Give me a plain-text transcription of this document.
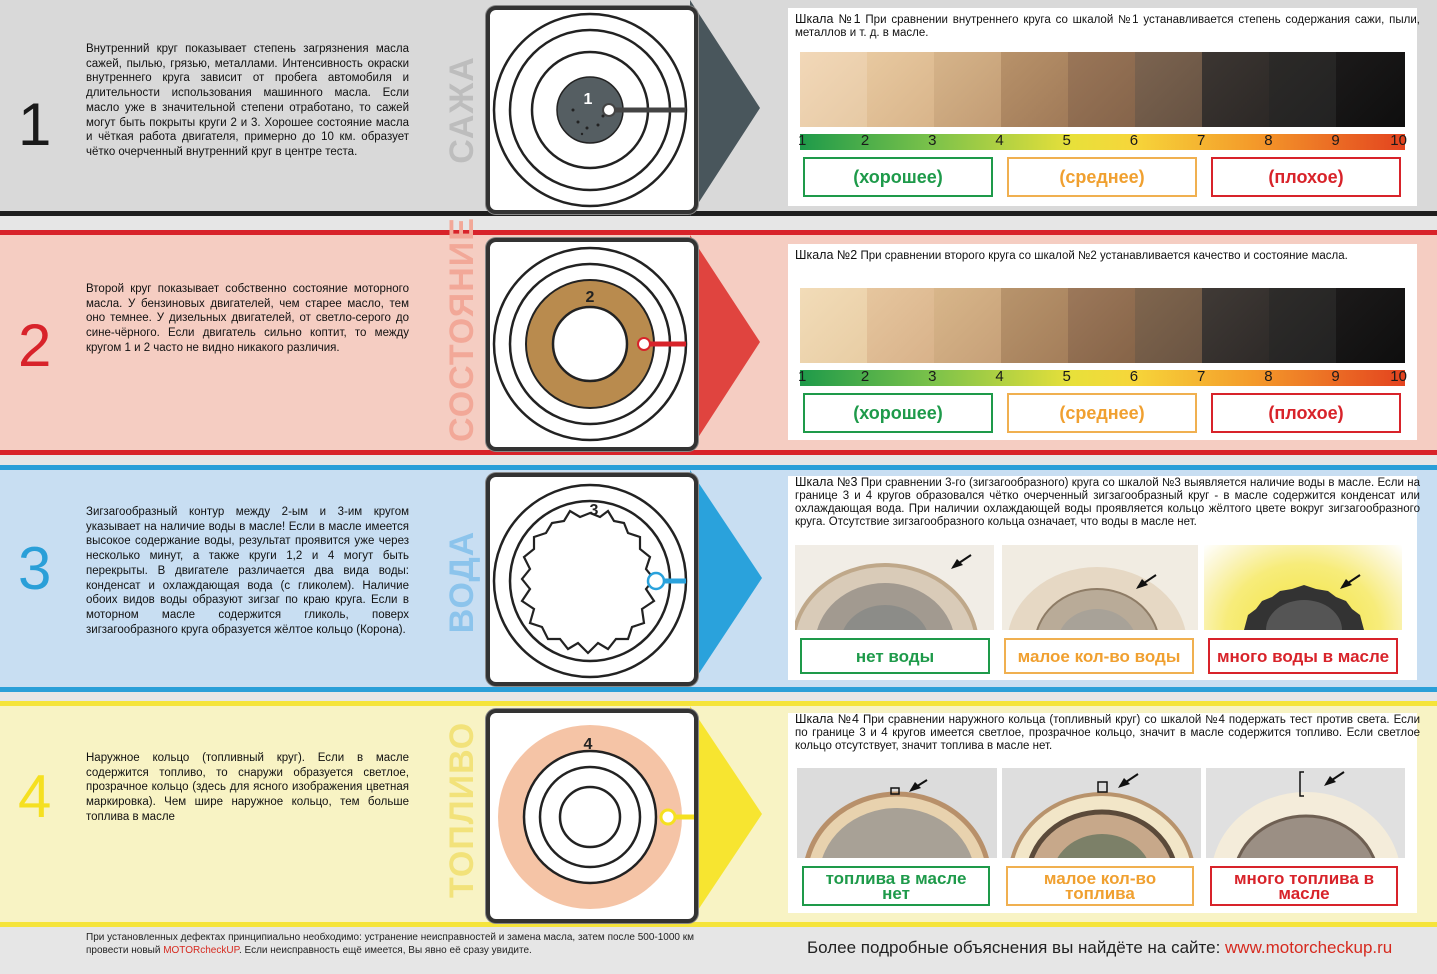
1
Внутренний круг показывает степень загрязнения масла сажей, пылью, грязью, металлами. Интенсивность окраски внутреннего круга зависит от пробега автомобиля и длительности использования машинного масла. Если масло уже в значительной степени отработано, то сажей могут быть покрыты круги 2 и 3. Хорошее состояние масла и чёткая работа двигателя, примерно до 10 км. образует чётко очерченный внутренний круг в центре теста.	САЖА	1
Шкала №1 При сравнении внутреннего круга со шкалой №1 устанавливается степень содержания сажи, пыли, металлов и т. д. в масле.
1	2	3	4	5	6	7	8	9	10
(хорошее)	(среднее)	(плохое)
2
Второй круг показывает собственно состояние моторного масла. У бензиновых двигателей, чем старее масло, тем оно темнее. У дизельных двигателей, от светло-серого до сине-чёрного. Если двигатель сильно коптит, то между кругом 1 и 2 часто не видно никакого различия.	СОСТОЯНИЕ	2
Шкала №2 При сравнении второго круга со шкалой №2 устанавливается качество и состояние масла.
1	2	3	4	5	6	7	8	9	10
(хорошее)	(среднее)	(плохое)
3
Зигзагообразный контур между 2-ым и 3-им кругом указывает на наличие воды в масле! Если в масле имеется высокое содержание воды, результат проявится уже через несколько минут, а также круги 1,2 и 4 могут быть перекрыты. В двигателе различается два вида воды: конденсат и охлаждающая вода (с гликолем). Наличие обоих видов воды образуют зигзаг по краю круга. Если в моторном масле содержится гликоль, поверх зигзагообразного круга образуется жёлтое кольцо (Корона). ВОДА
3
Шкала №3 При сравнении 3-го (зигзагообразного) круга со шкалой №3 выявляется наличие воды в масле. Если на границе 3 и 4 кругов образовался чётко очерченный зигзагообразный круг - в масле содержится конденсат или охлаждающая вода. При наличии охлаждающей воды проявляется кольцо жёлтого цвете вокруг зигзагообразного круга. Отсутствие зигзагообразного кольца означает, что воды в масле нет.
нет воды	малое кол-во воды	много воды в масле
4
Наружное кольцо (топливный круг). Если в масле содержится топливо, то снаружи образуется светлое, прозрачное кольцо (здесь для ясного изображения цветная маркировка). Чем шире наружное кольцо, тем больше топлива в масле	ТОПЛИВО	4
Шкала №4 При сравнении наружного кольца (топливный круг) со шкалой №4 подержать тест против света. Если по границе 3 и 4 кругов имеется светлое, прозрачное кольцо, значит в масле содержится топливо. Если светлое кольцо отсутствует, значит топлива в масле нет.
топлива в масле нет
малое кол-во топлива
много топлива в масле
При установленных дефектах принципиально необходимо: устранение неисправностей и замена масла, затем после 500-1000 км провести новый MOTORcheckUP. Если неисправность ещё имеется, Вы явно её сразу увидите.	Более подробные объяснения вы найдёте на сайте: www.motorcheckup.ru
